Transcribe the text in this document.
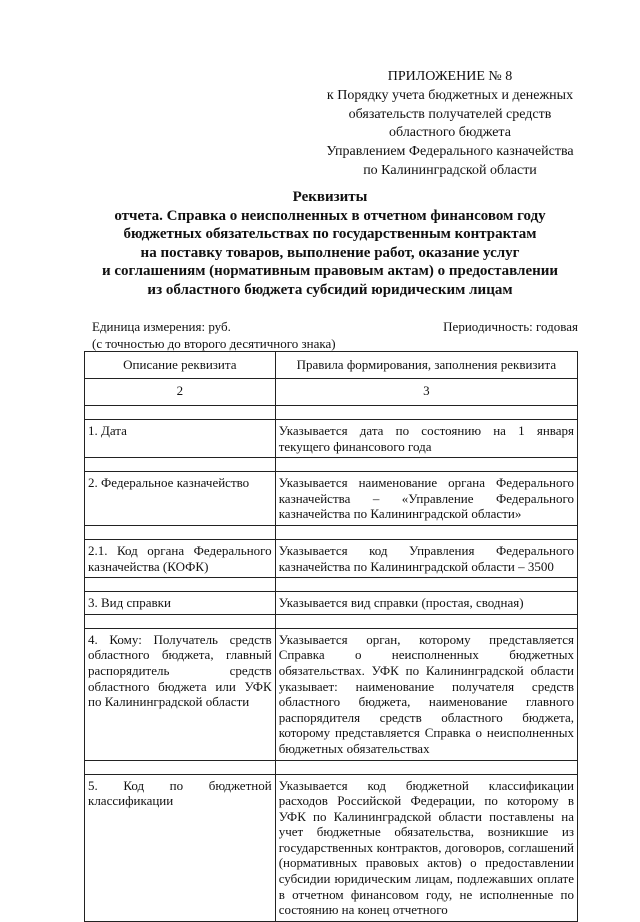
ПРИЛОЖЕНИЕ № 8
к Порядку учета бюджетных и денежных
обязательств получателей средств
областного бюджета
Управлением Федерального казначейства
по Калининградской области
Реквизиты
отчета. Справка о неисполненных в отчетном финансовом году
бюджетных обязательствах по государственным контрактам
на поставку товаров, выполнение работ, оказание услуг
и соглашениям (нормативным правовым актам) о предоставлении
из областного бюджета субсидий юридическим лицам
Единица измерения: руб.
(с точностью до второго десятичного знака)
Периодичность: годовая
Описание реквизита	Правила формирования, заполнения реквизита
2	3

1. Дата	Указывается дата по состоянию на 1 января текущего финансового года

2. Федеральное казначейство	Указывается наименование органа Федерального казначейства – «Управление Федерального казначейства по Калининградской области»

2.1. Код органа Федерального казначейства (КОФК)	Указывается код Управления Федерального казначейства по Калининградской области – 3500

3. Вид справки	Указывается вид справки (простая, сводная)

4. Кому: Получатель средств областного бюджета, главный распорядитель средств областного бюджета или УФК по Калининградской области	Указывается орган, которому представляется Справка о неисполненных бюджетных обязательствах. УФК по Калининградской области указывает: наименование получателя средств областного бюджета, наименование главного распорядителя средств областного бюджета, которому представляется Справка о неисполненных бюджетных обязательствах

5. Код по бюджетной классификации	Указывается код бюджетной классификации расходов Российской Федерации, по которому в УФК по Калининградской области поставлены на учет бюджетные обязательства, возникшие из государственных контрактов, договоров, соглашений (нормативных правовых актов) о предоставлении субсидии юридическим лицам, подлежавших оплате в отчетном финансовом году, не исполненные по состоянию на конец отчетного
